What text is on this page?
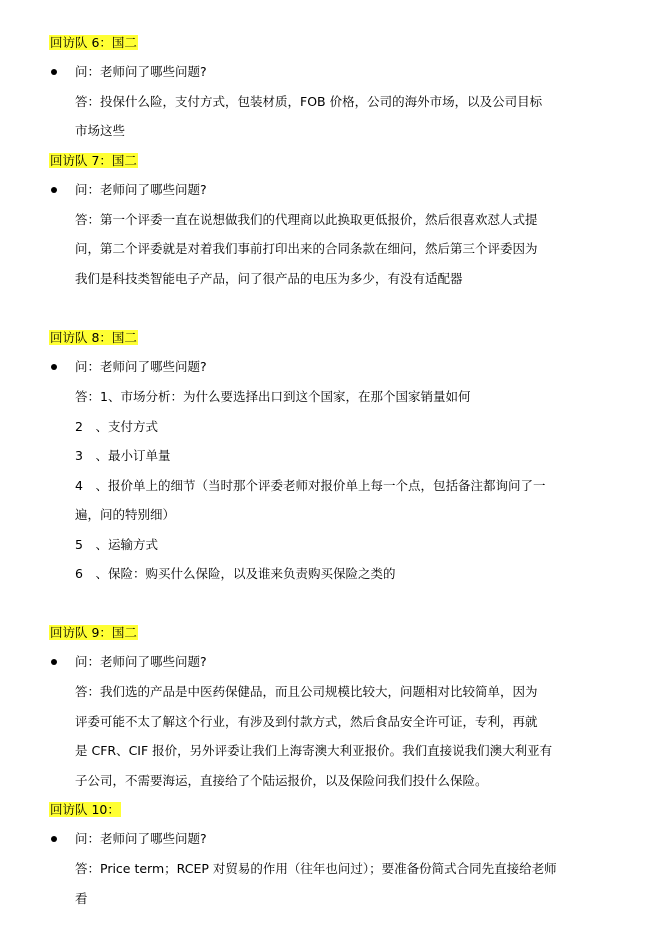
回访队 6：国二
问：老师问了哪些问题?
答：投保什么险，支付方式，包装材质，FOB 价格，公司的海外市场，以及公司目标
市场这些
回访队 7：国二
问：老师问了哪些问题?
答：第一个评委一直在说想做我们的代理商以此换取更低报价，然后很喜欢怼人式提
问，第二个评委就是对着我们事前打印出来的合同条款在细问，然后第三个评委因为
我们是科技类智能电子产品，问了很产品的电压为多少，有没有适配器
回访队 8：国二
问：老师问了哪些问题?
答：1、市场分析：为什么要选择出口到这个国家，在那个国家销量如何
2　、支付方式
3　、最小订单量
4　、报价单上的细节（当时那个评委老师对报价单上每一个点，包括备注都询问了一
遍，问的特别细）
5　、运输方式
6　、保险：购买什么保险，以及谁来负责购买保险之类的
回访队 9：国二
问：老师问了哪些问题?
答：我们选的产品是中医药保健品，而且公司规模比较大，问题相对比较简单，因为
评委可能不太了解这个行业，有涉及到付款方式，然后食品安全许可证，专利，再就
是 CFR、CIF 报价，另外评委让我们上海寄澳大利亚报价。我们直接说我们澳大利亚有
子公司，不需要海运，直接给了个陆运报价，以及保险问我们投什么保险。
回访队 10：
问：老师问了哪些问题?
答：Price term；RCEP 对贸易的作用（往年也问过）；要准备份简式合同先直接给老师
看
